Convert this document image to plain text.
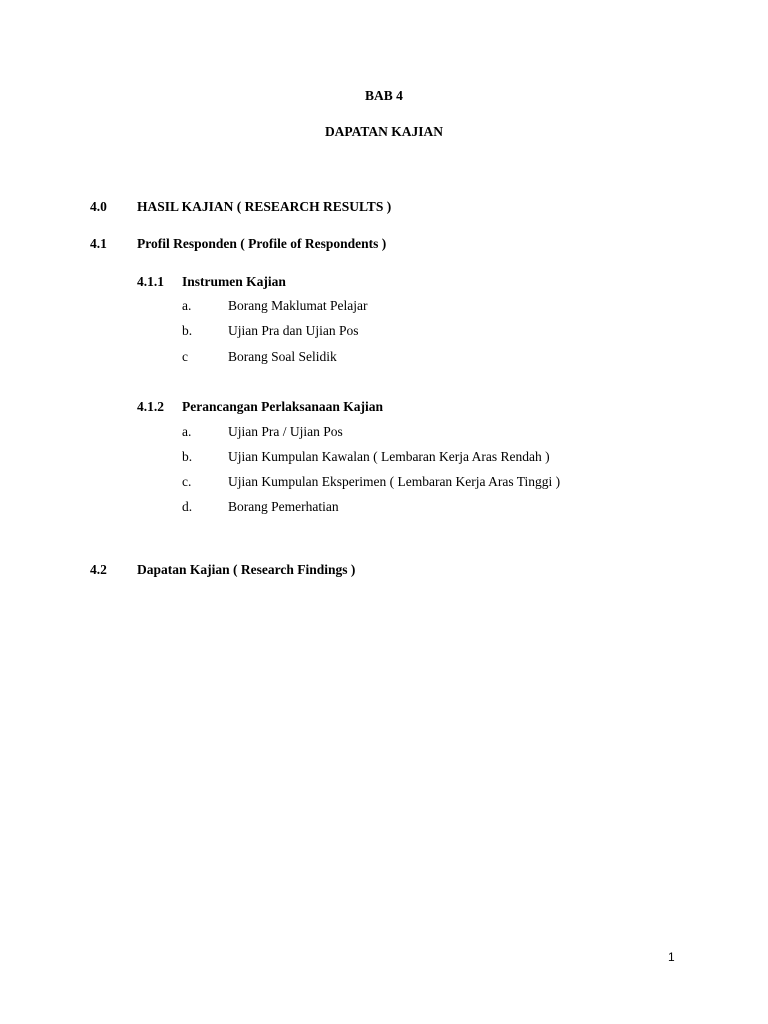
BAB 4
DAPATAN KAJIAN
4.0 HASIL KAJIAN ( RESEARCH RESULTS )
4.1 Profil Responden ( Profile of Respondents )
4.1.1 Instrumen Kajian
a.	Borang Maklumat Pelajar
b.	Ujian Pra dan Ujian Pos
c	Borang Soal Selidik
4.1.2 Perancangan Perlaksanaan Kajian
a.	Ujian Pra / Ujian Pos
b.	Ujian Kumpulan Kawalan ( Lembaran Kerja Aras Rendah )
c.	Ujian Kumpulan Eksperimen ( Lembaran Kerja Aras Tinggi )
d.	Borang Pemerhatian
4.2 Dapatan Kajian ( Research Findings )
1
